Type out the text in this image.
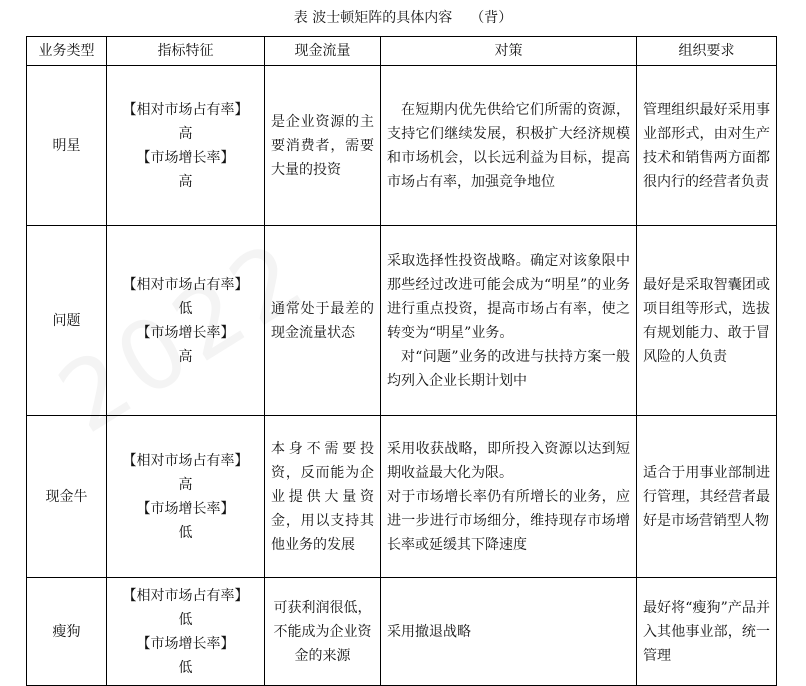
表 波士顿矩阵的具体内容 （背）
业务类型	指标特征	现金流量	对策	组织要求
明星	【相对市场占有率】
高
【市场增长率】
高	是企业资源的主要消费者，需要大量的投资	在短期内优先供给它们所需的资源，支持它们继续发展，积极扩大经济规模和市场机会，以长远利益为目标，提高市场占有率，加强竞争地位	管理组织最好采用事业部形式，由对生产技术和销售两方面都很内行的经营者负责
问题	【相对市场占有率】
低
【市场增长率】
高	通常处于最差的现金流量状态	采取选择性投资战略。确定对该象限中那些经过改进可能会成为“明星”的业务进行重点投资，提高市场占有率，使之转变为“明星”业务。
对“问题”业务的改进与扶持方案一般均列入企业长期计划中	最好是采取智囊团或项目组等形式，选拔有规划能力、敢于冒风险的人负责
现金牛	【相对市场占有率】
高
【市场增长率】
低	本身不需要投资，反而能为企业提供大量资金，用以支持其他业务的发展	采用收获战略，即所投入资源以达到短期收益最大化为限。
对于市场增长率仍有所增长的业务，应进一步进行市场细分，维持现存市场增长率或延缓其下降速度	适合于用事业部制进行管理，其经营者最好是市场营销型人物
瘦狗	【相对市场占有率】
低
【市场增长率】
低	可获利润很低，不能成为企业资金的来源	采用撤退战略	最好将“瘦狗”产品并入其他事业部，统一管理
